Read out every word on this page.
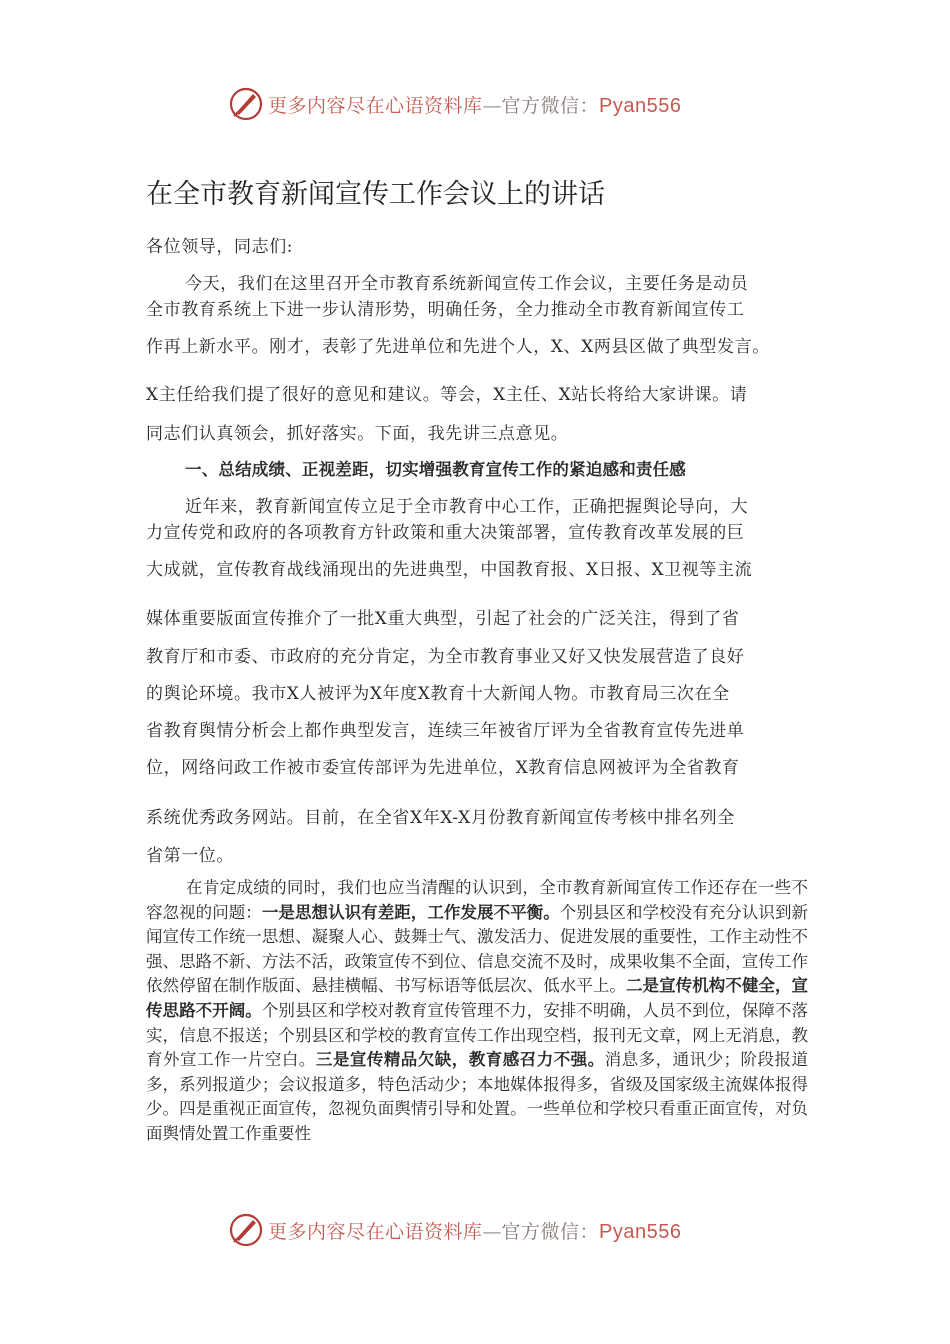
更多内容尽在心语资料库—官方微信：Pyan556
在全市教育新闻宣传工作会议上的讲话
各位领导，同志们:
今天，我们在这里召开全市教育系统新闻宣传工作会议，主要任务是动员
全市教育系统上下进一步认清形势，明确任务，全力推动全市教育新闻宣传工
作再上新水平。刚才，表彰了先进单位和先进个人，X、X两县区做了典型发言。
X主任给我们提了很好的意见和建议。等会，X主任、X站长将给大家讲课。请
同志们认真领会，抓好落实。下面，我先讲三点意见。
一、总结成绩、正视差距，切实增强教育宣传工作的紧迫感和责任感
近年来，教育新闻宣传立足于全市教育中心工作，正确把握舆论导向，大
力宣传党和政府的各项教育方针政策和重大决策部署，宣传教育改革发展的巨
大成就，宣传教育战线涌现出的先进典型，中国教育报、X日报、X卫视等主流
媒体重要版面宣传推介了一批X重大典型，引起了社会的广泛关注，得到了省
教育厅和市委、市政府的充分肯定，为全市教育事业又好又快发展营造了良好
的舆论环境。我市X人被评为X年度X教育十大新闻人物。市教育局三次在全
省教育舆情分析会上都作典型发言，连续三年被省厅评为全省教育宣传先进单
位，网络问政工作被市委宣传部评为先进单位，X教育信息网被评为全省教育
系统优秀政务网站。目前，在全省X年X-X月份教育新闻宣传考核中排名列全
省第一位。

在肯定成绩的同时，我们也应当清醒的认识到，全市教育新闻宣传工作还存在一些不容忽视的问题：一是思想认识有差距，工作发展不平衡。个别县区和学校没有充分认识到新闻宣传工作统一思想、凝聚人心、鼓舞士气、激发活力、促进发展的重要性，工作主动性不强、思路不新、方法不活，政策宣传不到位、信息交流不及时，成果收集不全面，宣传工作依然停留在制作版面、悬挂横幅、书写标语等低层次、低水平上。二是宣传机构不健全，宣传思路不开阔。个别县区和学校对教育宣传管理不力，安排不明确，人员不到位，保障不落实，信息不报送；个别县区和学校的教育宣传工作出现空档，报刊无文章，网上无消息，教育外宣工作一片空白。三是宣传精品欠缺，教育感召力不强。消息多，通讯少；阶段报道多，系列报道少；会议报道多，特色活动少；本地媒体报得多，省级及国家级主流媒体报得少。四是重视正面宣传，忽视负面舆情引导和处置。一些单位和学校只看重正面宣传，对负面舆情处置工作重要性

更多内容尽在心语资料库—官方微信：Pyan556
